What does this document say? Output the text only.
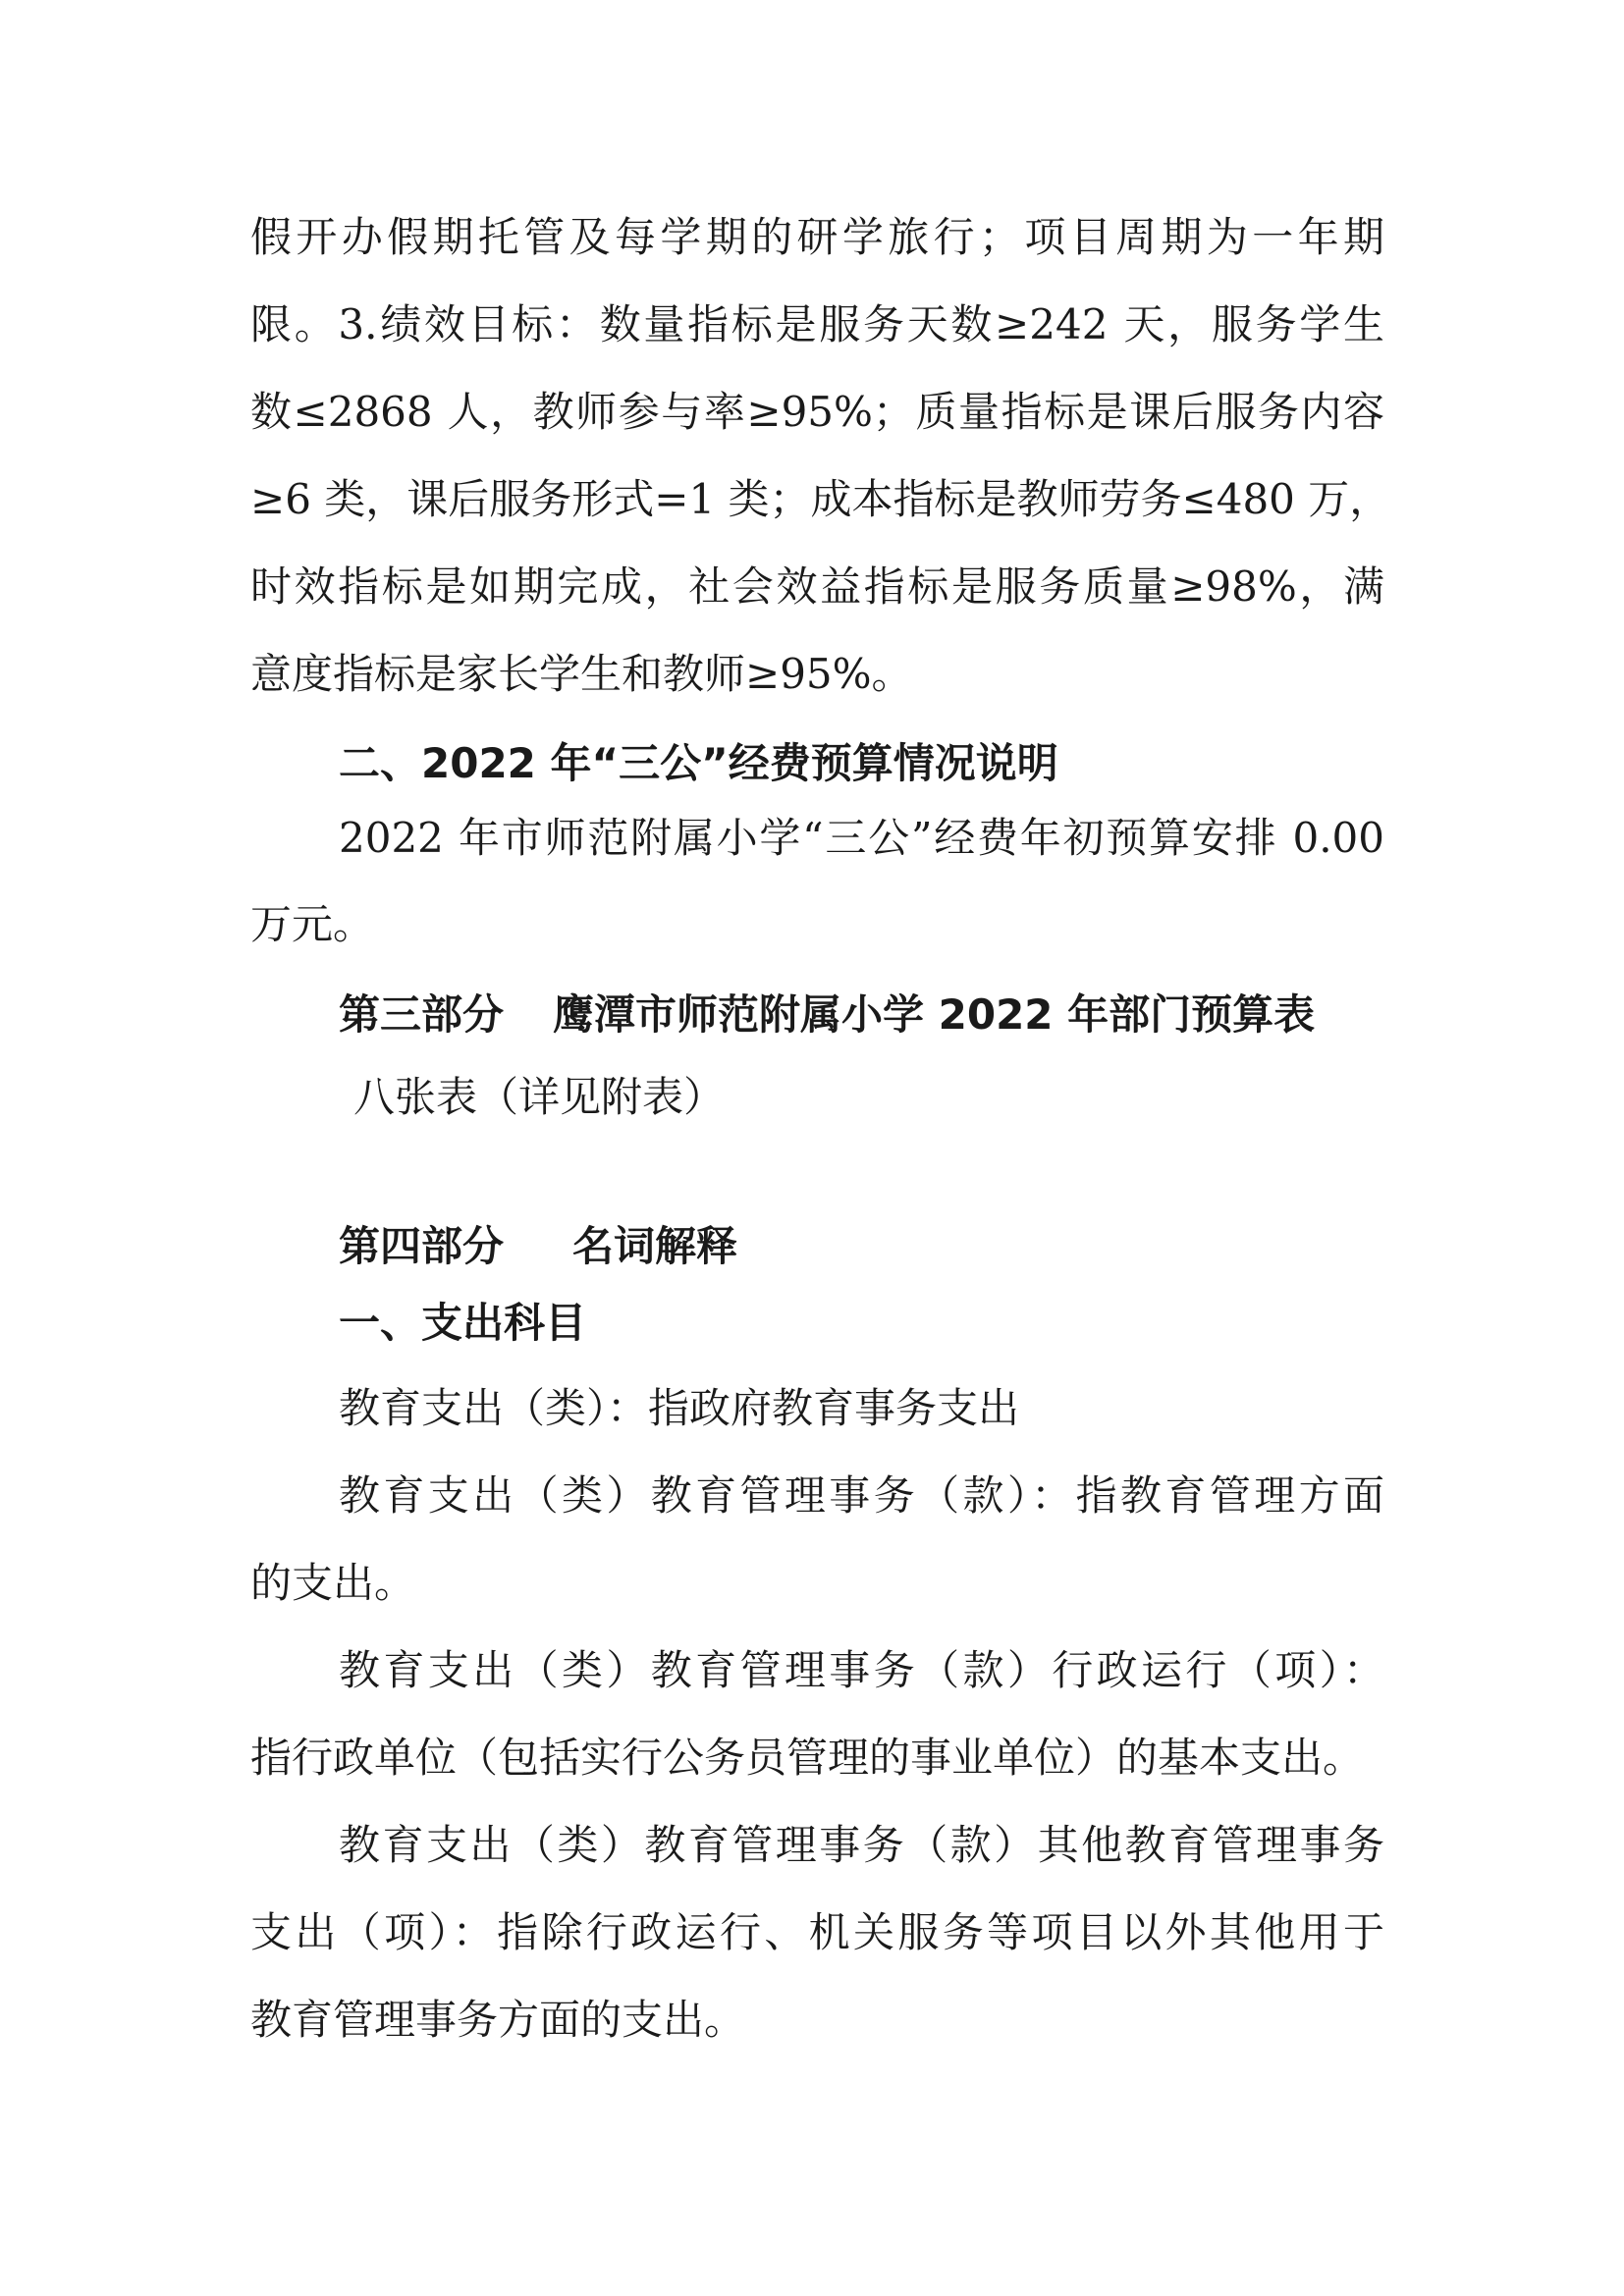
假开办假期托管及每学期的研学旅行；项目周期为一年期
限。3.绩效目标：数量指标是服务天数≥242 天，服务学生
数≤2868 人，教师参与率≥95%；质量指标是课后服务内容
≥6 类，课后服务形式=1 类；成本指标是教师劳务≤480 万，
时效指标是如期完成，社会效益指标是服务质量≥98%，满
意度指标是家长学生和教师≥95%。
二、2022 年“三公”经费预算情况说明
2022 年市师范附属小学“三公”经费年初预算安排 0.00
万元。
第三部分 鹰潭市师范附属小学 2022 年部门预算表
八张表（详见附表）
第四部分 名词解释
一、支出科目
教育支出（类）：指政府教育事务支出
教育支出（类）教育管理事务（款）：指教育管理方面
的支出。
教育支出（类）教育管理事务（款）行政运行（项）：
指行政单位（包括实行公务员管理的事业单位）的基本支出。
教育支出（类）教育管理事务（款）其他教育管理事务
支出（项）：指除行政运行、机关服务等项目以外其他用于
教育管理事务方面的支出。
